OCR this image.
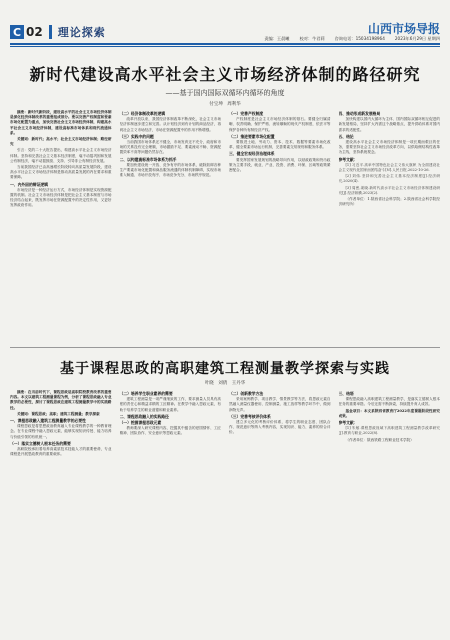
C 02 理论探索	山西市场导报
责编：王晨曦 校对：牛君莉 咨询电话：15034198964 2023年6月29日 星期四
新时代建设高水平社会主义市场经济体制的路径研究
——基于国内国际双循环内循环的角度
付宝坤　周利华

摘要：新时代新阶段，建设高水平的社会主义市场经济体制是深化经济体制改革的重要组成部分。要以完善产权制度和要素市场化配置为重点，加快完善社会主义市场经济体制，构建高水平社会主义市场经济体制，建设高标准市场体系和现代流通体系。

关键词：新时代；高水平；社会主义市场经济体制；路径研究

引言：党的二十大报告提出，构建高水平社会主义市场经济体制。坚持和完善社会主义基本经济制度，毫不动摇巩固和发展公有制经济，毫不动摇鼓励、支持、引导非公有制经济发展。

当前我国经济已由高速增长阶段转向高质量发展阶段，建设高水平社会主义市场经济体制是推动高质量发展的内在要求和重要保障。

一、内外因的辩证逻辑

市场经济是一种经济运行方式，市场经济体制是实现资源配置的机制。社会主义市场经济体制是把社会主义基本制度与市场经济结合起来，既发挥市场在资源配置中的决定性作用，又更好发挥政府作用。

（二）经济体制改革的逻辑

改革开放以来，我国经济体制改革不断深化，社会主义市场经济体制逐步建立和完善。从计划经济到有计划的商品经济，再到社会主义市场经济，市场在资源配置中的作用不断增强。

（三）实践中的问题

当前我国市场体系还不健全，市场发育还不充分，政府和市场的关系没有完全理顺，市场激励不足、要素流动不畅、资源配置效率不高等问题仍然存在。

二、以构建高标准市场体系为抓手

要加快建设统一开放、竞争有序的市场体系，破除妨碍各种生产要素市场化配置和商品服务流通的体制机制障碍，实现市场准入畅通、市场开放有序、市场竞争充分、市场秩序规范。

（一）完善产权制度

产权制度是社会主义市场经济体制的基石。要健全归属清晰、权责明确、保护严格、流转顺畅的现代产权制度，依法平等保护各种所有制经济产权。

（二）推进要素市场化配置

要推进土地、劳动力、资本、技术、数据等要素市场化改革，健全要素市场运行机制，完善要素交易规则和服务体系。

三、健全宏观经济治理体系

要发挥国家发展规划的战略导向作用，以财政政策和货币政策为主要手段，就业、产业、投资、消费、环保、区域等政策紧密配合。

四、推动形成新发展格局

加快构建以国内大循环为主体、国内国际双循环相互促进的新发展格局，坚持扩大内需这个战略基点，提升供给体系对国内需求的适配性。

五、结论

建设高水平社会主义市场经济体制是一项长期而艰巨的任务，需要坚持社会主义市场经济改革方向，以供给侧结构性改革为主线，坚持系统观念。

参考文献：

[1] 习近平.高举中国特色社会主义伟大旗帜 为全面建设社会主义现代化国家而团结奋斗[N].人民日报,2022-10-26.

[2] 刘伟.坚持和完善社会主义基本经济制度[J].经济研究,2020(4).

[3] 周密,姜晓.新时代高水平社会主义市场经济体制建设研究[J].经济纵横,2023(2).

（作者单位：1.陕西省社会科学院；2.陕西省社会科学院经济研究所）

基于课程思政的高职建筑工程测量教学探索与实践
叶晓　刘倩　王丹华

摘要：在当前时代下，课程思政是高职院校教育改革的重要内容。本文以建筑工程测量课程为例，分析了课程思政融入专业教学的必要性，探讨了课程思政在建筑工程测量教学中的实践路径。

关键词：课程思政；高职；建筑工程测量；教学探索

一、课程思政融入建筑工程测量教学的必要性

课程思政是将思想政治教育融入专业课程教学的一种教育理念。在专业课程中融入思政元素，能够实现知识传授、能力培养与价值引领的有机统一。

（一）落实立德树人根本任务的需要

高职院校承担着培养高素质技术技能人才的重要使命，专业课程是开展思政教育的重要载体。

（二）培养学生职业素养的需要

建筑工程测量是一项严谨细致的工作，要求测量人员具有高度的责任心和精益求精的工匠精神。在教学中融入思政元素，有助于培养学生的职业道德和职业素养。

二、课程思政融入的实践路径
（一）挖掘课程思政元素

教师要深入研究课程内容，挖掘其中蕴含的爱国情怀、工匠精神、团队协作、安全意识等思政元素。

（二）创新教学方法

采用案例教学、项目教学、情景教学等方法，将思政元素自然融入测量仪器使用、控制测量、施工放样等教学环节中，做到润物无声。

（三）完善考核评价体系

建立多元化的考核评价体系，将学生的职业态度、团队合作、规范意识等纳入考核内容，实现知识、能力、素养的综合评价。

三、结语

课程思政融入高职建筑工程测量教学，是落实立德树人根本任务的重要举措。今后还需不断探索，持续提升育人成效。

基金项目：本文系陕西省教育厅2022年度课题阶段性研究成果。

参考文献：

[1] 朱敏.课程思政视域下高职建筑工程测量教学改革研究[J].教育与职业,2022(8).

（作者单位：陕西铁路工程职业技术学院）
